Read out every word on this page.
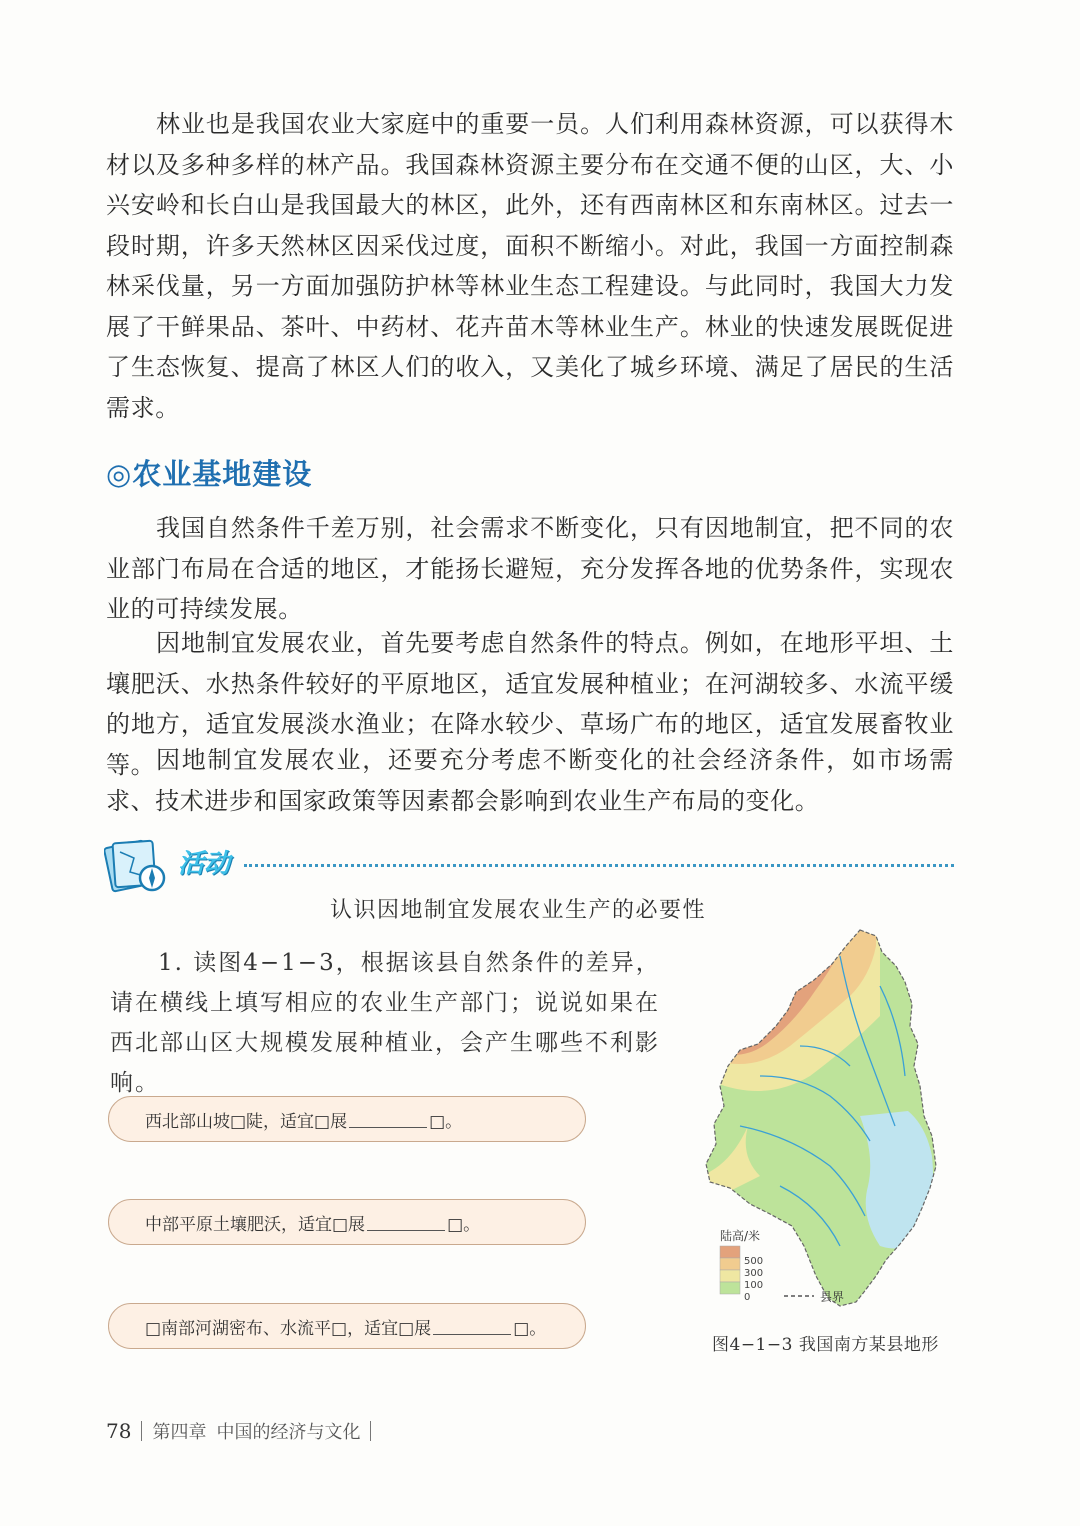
林业也是我国农业大家庭中的重要一员。人们利用森林资源，可以获得木材以及多种多样的林产品。我国森林资源主要分布在交通不便的山区，大、小兴安岭和长白山是我国最大的林区，此外，还有西南林区和东南林区。过去一段时期，许多天然林区因采伐过度，面积不断缩小。对此，我国一方面控制森林采伐量，另一方面加强防护林等林业生态工程建设。与此同时，我国大力发展了干鲜果品、茶叶、中药材、花卉苗木等林业生产。林业的快速发展既促进了生态恢复、提高了林区人们的收入，又美化了城乡环境、满足了居民的生活需求。

◎农业基地建设

我国自然条件千差万别，社会需求不断变化，只有因地制宜，把不同的农业部门布局在合适的地区，才能扬长避短，充分发挥各地的优势条件，实现农业的可持续发展。

因地制宜发展农业，首先要考虑自然条件的特点。例如，在地形平坦、土壤肥沃、水热条件较好的平原地区，适宜发展种植业；在河湖较多、水流平缓的地方，适宜发展淡水渔业；在降水较少、草场广布的地区，适宜发展畜牧业等。 因地制宜发展农业，还要充分考虑不断变化的社会经济条件，如市场需求、技术进步和国家政策等因素都会影响到农业生产布局的变化。

活动

认识因地制宜发展农业生产的必要性

1. 读图4−1−3，根据该县自然条件的差异，请在横线上填写相应的农业生产部门；说说如果在西北部山区大规模发展种植业，会产生哪些不利影响。

西北部山坡□陡，适宜□展	□。
中部平原土壤肥沃，适宜□展	□。
□南部河湖密布、水流平□，适宜□展	□。
陆高/米
500
300
100
0	县界

图4−1−3 我国南方某县地形

78 第四章 中国的经济与文化
